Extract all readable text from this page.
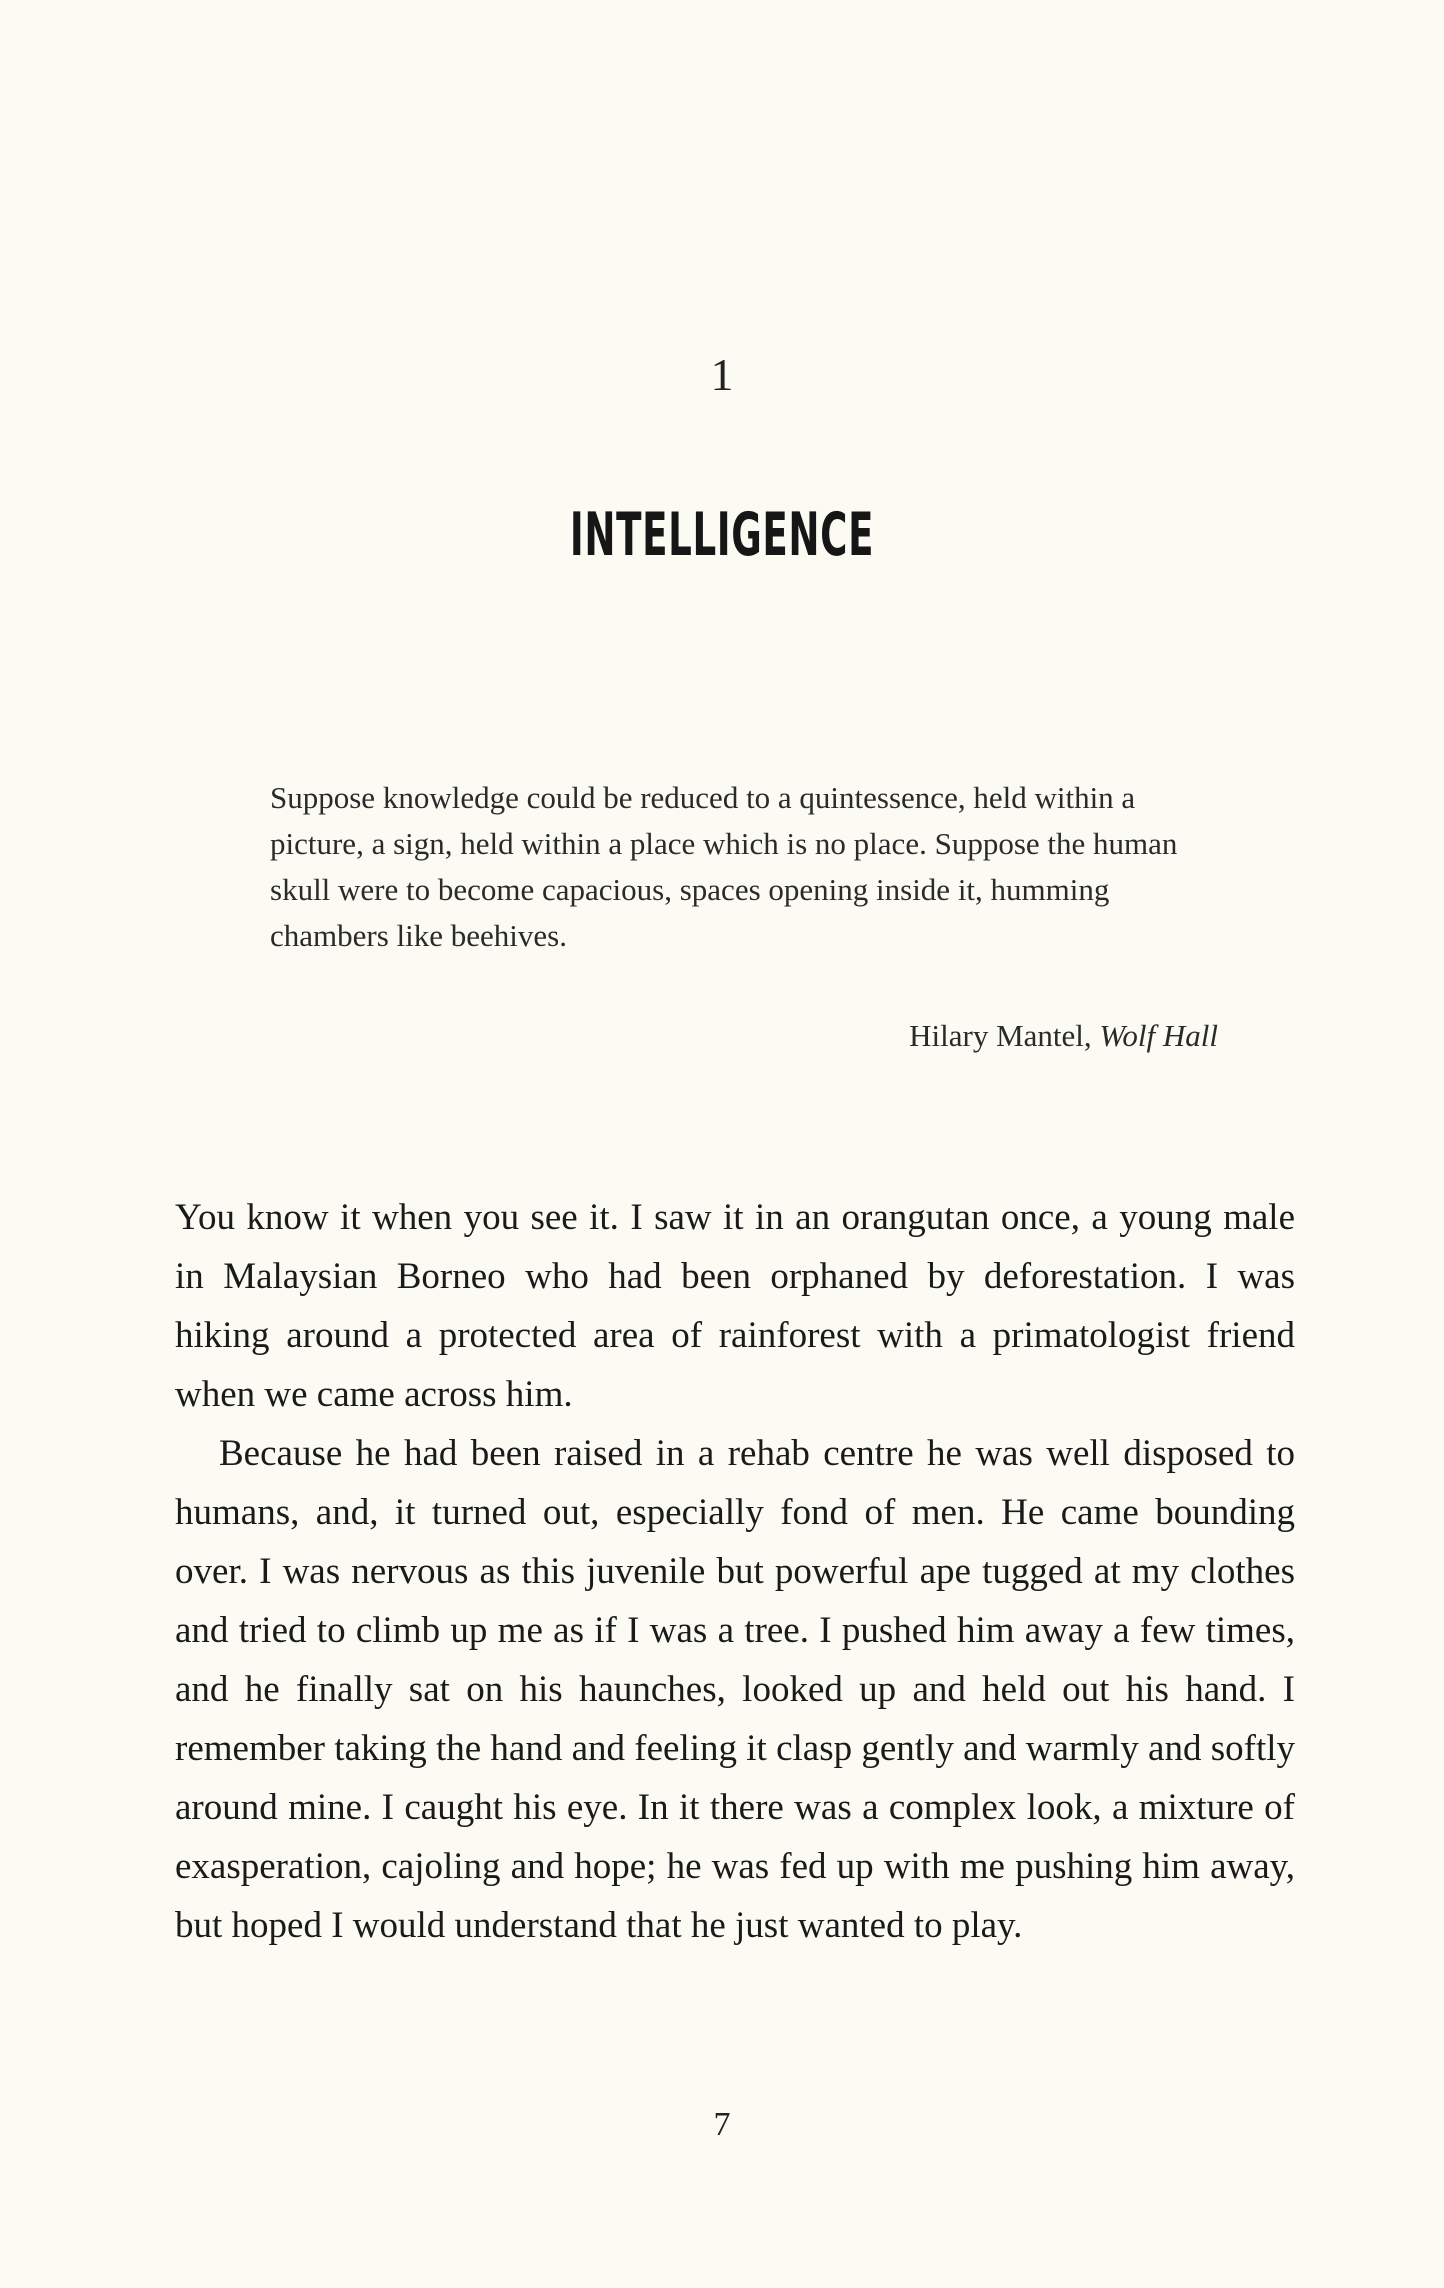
1
INTELLIGENCE

Suppose knowledge could be reduced to a quintessence, held within a picture, a sign, held within a place which is no place. Suppose the human skull were to become capacious, spaces opening inside it, humming chambers like beehives.

Hilary Mantel, Wolf Hall

You know it when you see it. I saw it in an orangutan once, a young male in Malaysian Borneo who had been orphaned by deforestation. I was hiking around a protected area of rainforest with a primatologist friend when we came across him.

Because he had been raised in a rehab centre he was well disposed to humans, and, it turned out, especially fond of men. He came bounding over. I was nervous as this juvenile but powerful ape tugged at my clothes and tried to climb up me as if I was a tree. I pushed him away a few times, and he finally sat on his haunches, looked up and held out his hand. I remember taking the hand and feeling it clasp gently and warmly and softly around mine. I caught his eye. In it there was a complex look, a mixture of exasperation, cajoling and hope; he was fed up with me pushing him away, but hoped I would understand that he just wanted to play.

7
